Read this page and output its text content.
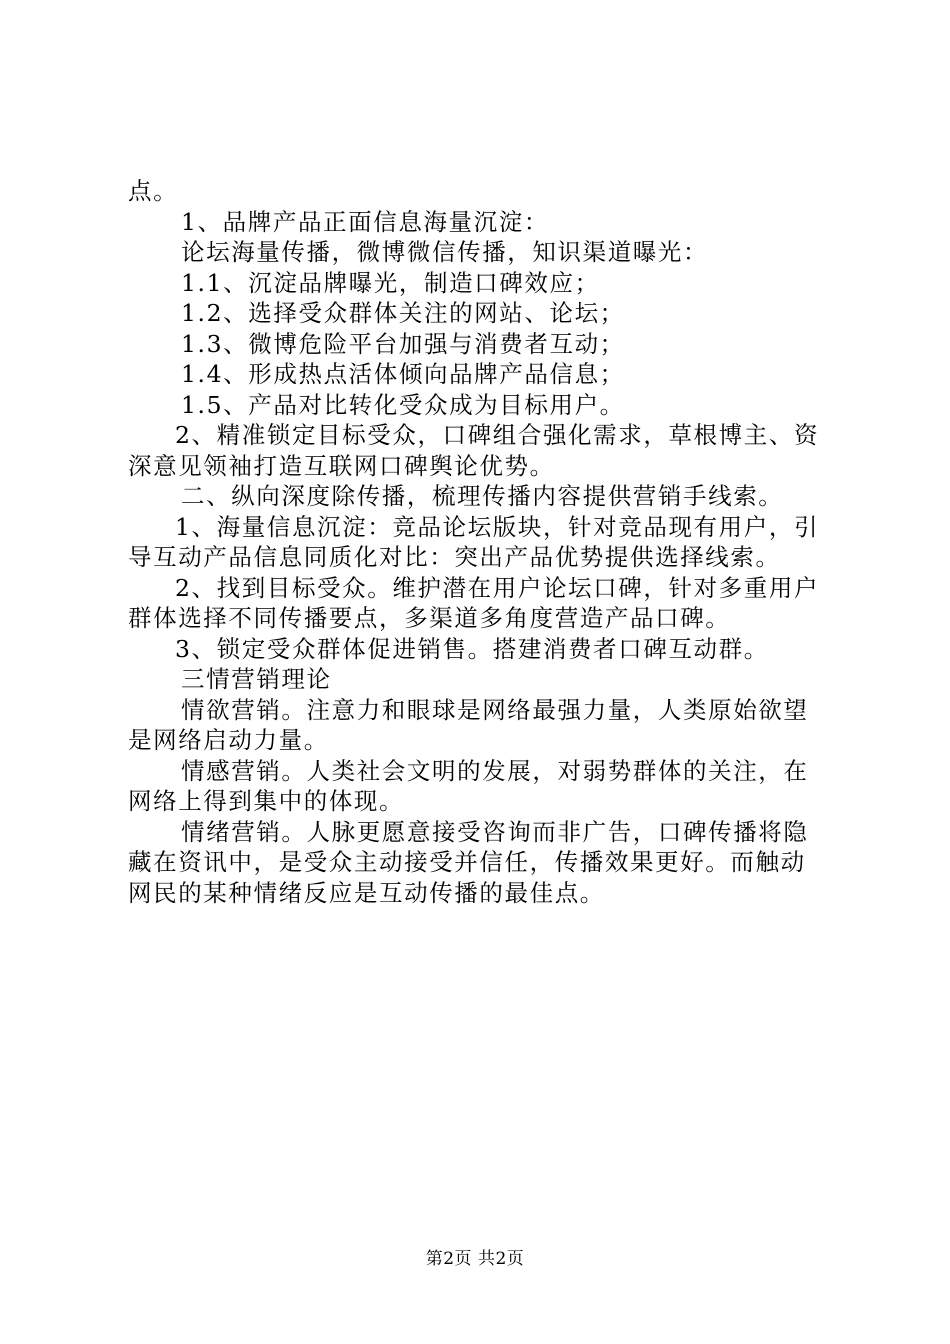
点。

1、品牌产品正面信息海量沉淀：

论坛海量传播，微博微信传播，知识渠道曝光：

1.1、沉淀品牌曝光，制造口碑效应；

1.2、选择受众群体关注的网站、论坛；

1.3、微博危险平台加强与消费者互动；

1.4、形成热点活体倾向品牌产品信息；

1.5、产品对比转化受众成为目标用户。

2、精准锁定目标受众，口碑组合强化需求，草根博主、资深意见领袖打造互联网口碑舆论优势。

二、纵向深度除传播，梳理传播内容提供营销手线索。

1、海量信息沉淀：竞品论坛版块，针对竞品现有用户，引导互动产品信息同质化对比：突出产品优势提供选择线索。

2、找到目标受众。维护潜在用户论坛口碑，针对多重用户群体选择不同传播要点，多渠道多角度营造产品口碑。

3、锁定受众群体促进销售。搭建消费者口碑互动群。

三情营销理论

情欲营销。注意力和眼球是网络最强力量，人类原始欲望是网络启动力量。

情感营销。人类社会文明的发展，对弱势群体的关注，在网络上得到集中的体现。

情绪营销。人脉更愿意接受咨询而非广告，口碑传播将隐藏在资讯中，是受众主动接受并信任，传播效果更好。而触动网民的某种情绪反应是互动传播的最佳点。

第2页 共2页
